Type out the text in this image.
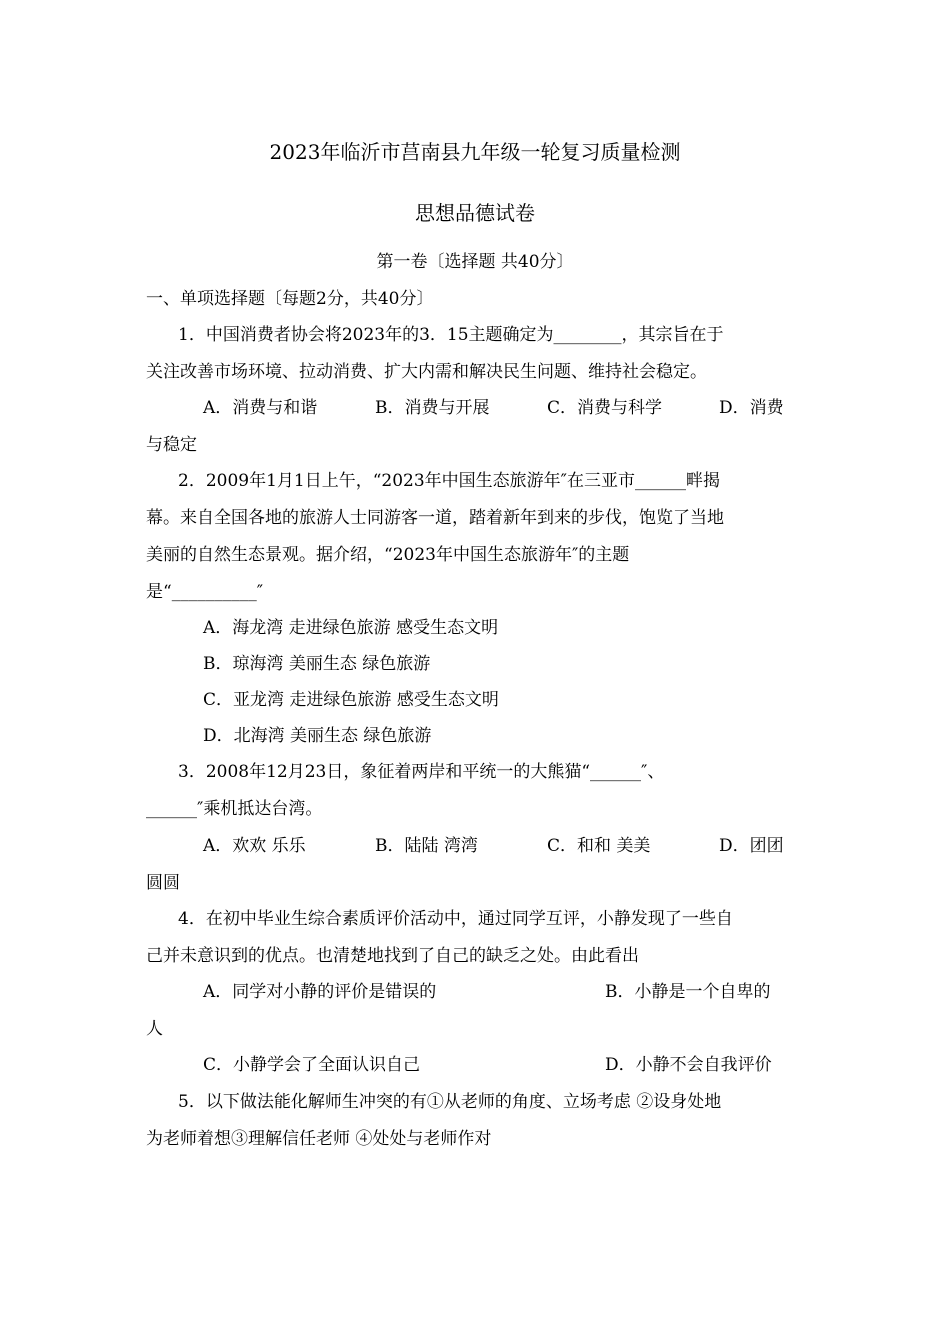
2023年临沂市莒南县九年级一轮复习质量检测
思想品德试卷
第一卷〔选择题 共40分〕
一、单项选择题〔每题2分，共40分〕
1．中国消费者协会将2023年的3．15主题确定为________，其宗旨在于
关注改善市场环境、拉动消费、扩大内需和解决民生问题、维持社会稳定。
A．消费与和谐	B．消费与开展	C．消费与科学	D．消费
与稳定
2．2009年1月1日上午，“2023年中国生态旅游年″在三亚市______畔揭
幕。来自全国各地的旅游人士同游客一道，踏着新年到来的步伐，饱览了当地
美丽的自然生态景观。据介绍，“2023年中国生态旅游年″的主题
是“__________″
A．海龙湾 走进绿色旅游 感受生态文明
B．琼海湾 美丽生态 绿色旅游
C．亚龙湾 走进绿色旅游 感受生态文明
D．北海湾 美丽生态 绿色旅游
3．2008年12月23日，象征着两岸和平统一的大熊猫“______″、
______″乘机抵达台湾。
A．欢欢 乐乐	B．陆陆 湾湾	C．和和 美美	D．团团
圆圆
4．在初中毕业生综合素质评价活动中，通过同学互评，小静发现了一些自
己并未意识到的优点。也清楚地找到了自己的缺乏之处。由此看出
A．同学对小静的评价是错误的	B．小静是一个自卑的
人
C．小静学会了全面认识自己	D．小静不会自我评价
5．以下做法能化解师生冲突的有①从老师的角度、立场考虑 ②设身处地
为老师着想③理解信任老师 ④处处与老师作对
